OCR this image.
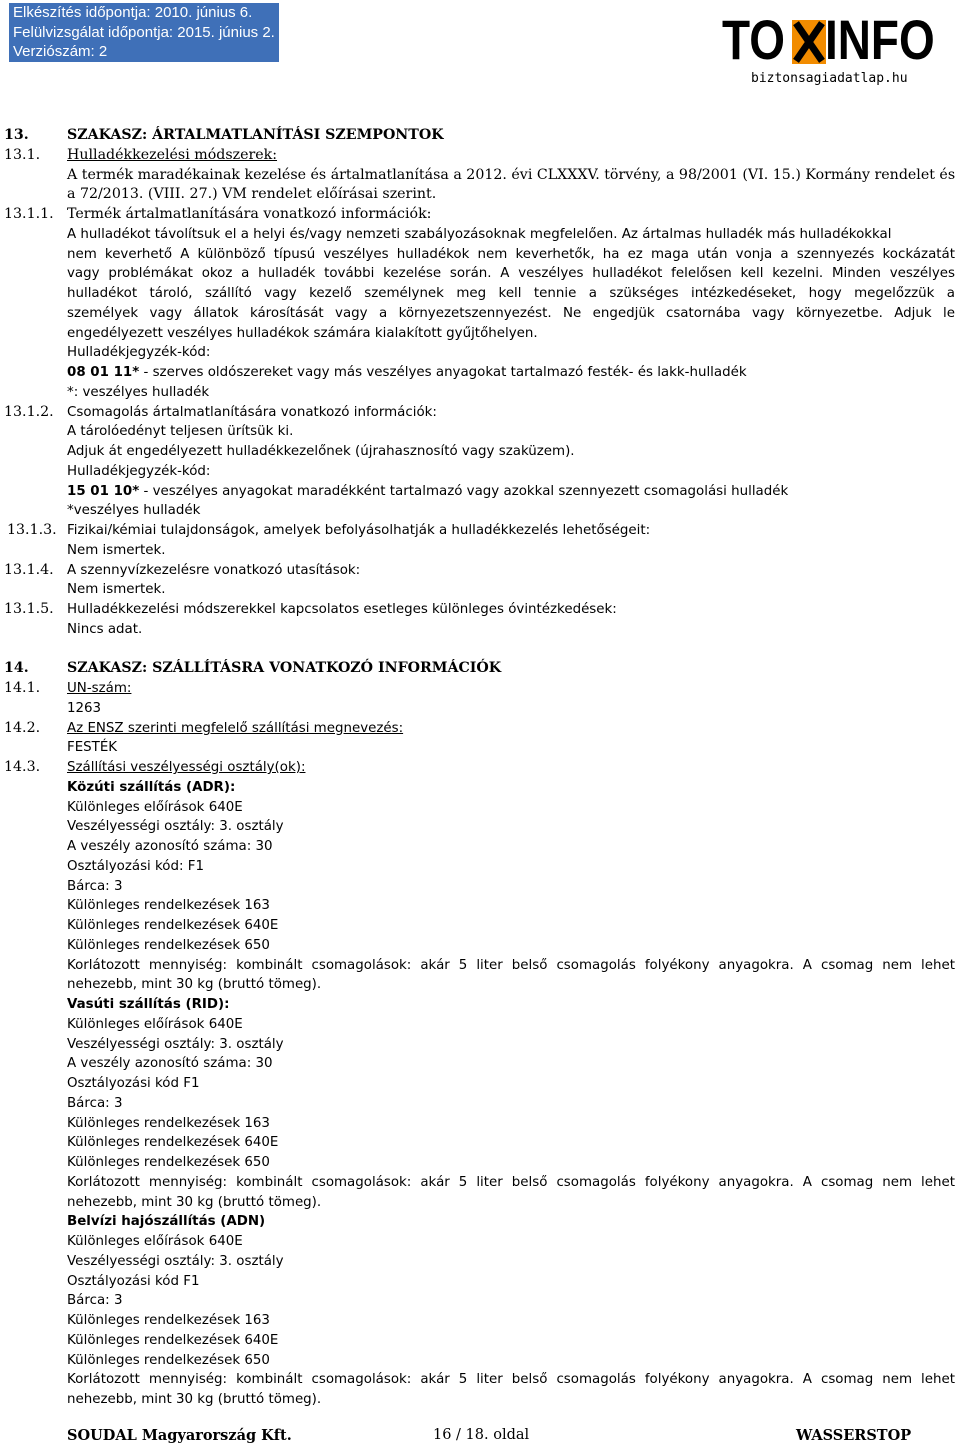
Elkészítés időpontja: 2010. június 6.
Felülvizsgálat időpontja: 2015. június 2.
Verziószám: 2	TO INFO
biztonsagiadatlap.hu
13.	SZAKASZ: ÁRTALMATLANÍTÁSI SZEMPONTOK
13.1. Hulladékkezelési módszerek:
A termék maradékainak kezelése és ártalmatlanítása a 2012. évi CLXXXV. törvény, a 98/2001 (VI. 15.) Kormány rendelet és
a 72/2013. (VIII. 27.) VM rendelet előírásai szerint.
13.1.1. Termék ártalmatlanítására vonatkozó információk:
A hulladékot távolítsuk el a helyi és/vagy nemzeti szabályozásoknak megfelelően. Az ártalmas hulladék más hulladékokkal
nem keverhető A különböző típusú veszélyes hulladékok nem keverhetők, ha ez maga után vonja a szennyezés kockázatát
vagy problémákat okoz a hulladék további kezelése során. A veszélyes hulladékot felelősen kell kezelni. Minden veszélyes
hulladékot tároló, szállító vagy kezelő személynek meg kell tennie a szükséges intézkedéseket, hogy megelőzzük a
személyek vagy állatok károsítását vagy a környezetszennyezést. Ne engedjük csatornába vagy környezetbe. Adjuk le
engedélyezett veszélyes hulladékok számára kialakított gyűjtőhelyen.
Hulladékjegyzék-kód:
08 01 11* - szerves oldószereket vagy más veszélyes anyagokat tartalmazó festék- és lakk-hulladék
*: veszélyes hulladék
13.1.2. Csomagolás ártalmatlanítására vonatkozó információk:
A tárolóedényt teljesen ürítsük ki.
Adjuk át engedélyezett hulladékkezelőnek (újrahasznosító vagy szaküzem).
Hulladékjegyzék-kód:
15 01 10* - veszélyes anyagokat maradékként tartalmazó vagy azokkal szennyezett csomagolási hulladék
*veszélyes hulladék
13.1.3. Fizikai/kémiai tulajdonságok, amelyek befolyásolhatják a hulladékkezelés lehetőségeit:
Nem ismertek.
13.1.4. A szennyvízkezelésre vonatkozó utasítások:
Nem ismertek.
13.1.5. Hulladékkezelési módszerekkel kapcsolatos esetleges különleges óvintézkedések:
Nincs adat.
14.	SZAKASZ: SZÁLLÍTÁSRA VONATKOZÓ INFORMÁCIÓK
14.1. UN-szám:
1263
14.2. Az ENSZ szerinti megfelelő szállítási megnevezés:
FESTÉK
14.3. Szállítási veszélyességi osztály(ok):
Közúti szállítás (ADR):
Különleges előírások 640E
Veszélyességi osztály: 3. osztály
A veszély azonosító száma: 30
Osztályozási kód: F1
Bárca: 3
Különleges rendelkezések 163
Különleges rendelkezések 640E
Különleges rendelkezések 650
Korlátozott mennyiség: kombinált csomagolások: akár 5 liter belső csomagolás folyékony anyagokra. A csomag nem lehet
nehezebb, mint 30 kg (bruttó tömeg).
Vasúti szállítás (RID):
Különleges előírások 640E
Veszélyességi osztály: 3. osztály
A veszély azonosító száma: 30
Osztályozási kód F1
Bárca: 3
Különleges rendelkezések 163
Különleges rendelkezések 640E
Különleges rendelkezések 650
Korlátozott mennyiség: kombinált csomagolások: akár 5 liter belső csomagolás folyékony anyagokra. A csomag nem lehet
nehezebb, mint 30 kg (bruttó tömeg).
Belvízi hajószállítás (ADN)
Különleges előírások 640E
Veszélyességi osztály: 3. osztály
Osztályozási kód F1
Bárca: 3
Különleges rendelkezések 163
Különleges rendelkezések 640E
Különleges rendelkezések 650
Korlátozott mennyiség: kombinált csomagolások: akár 5 liter belső csomagolás folyékony anyagokra. A csomag nem lehet
nehezebb, mint 30 kg (bruttó tömeg).
SOUDAL Magyarország Kft.	16 / 18. oldal	WASSERSTOP
